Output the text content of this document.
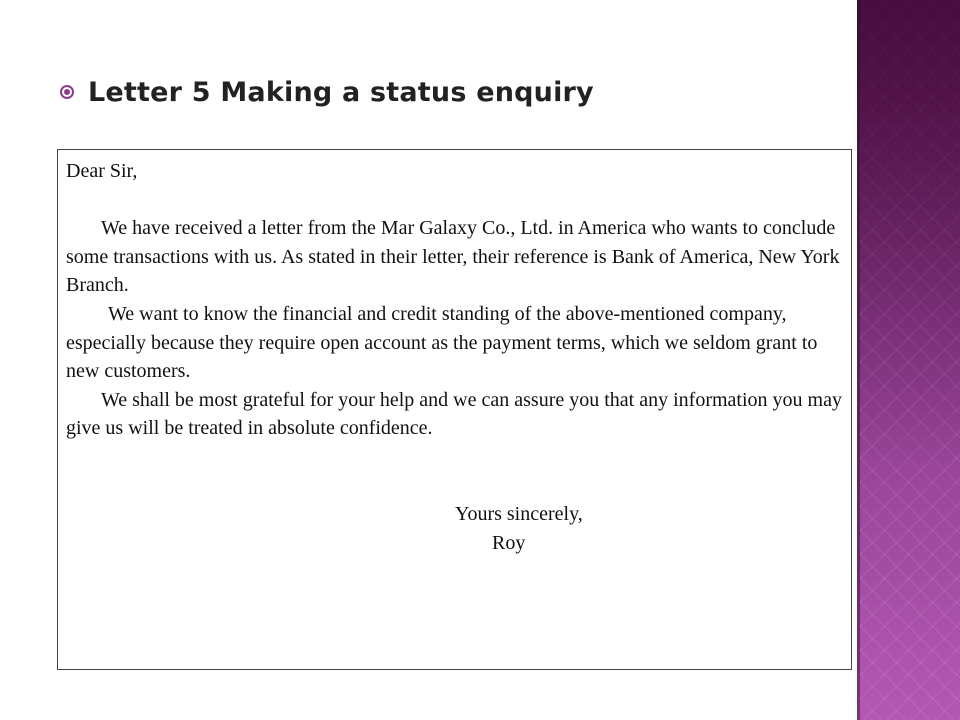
Letter 5 Making a status enquiry

Dear Sir,

We have received a letter from the Mar Galaxy Co., Ltd. in America who wants to conclude some transactions with us. As stated in their letter, their reference is Bank of America, New York Branch.

We want to know the financial and credit standing of the above-mentioned company, especially because they require open account as the payment terms, which we seldom grant to new customers.

We shall be most grateful for your help and we can assure you that any information you may give us will be treated in absolute confidence.

Yours sincerely,

Roy
